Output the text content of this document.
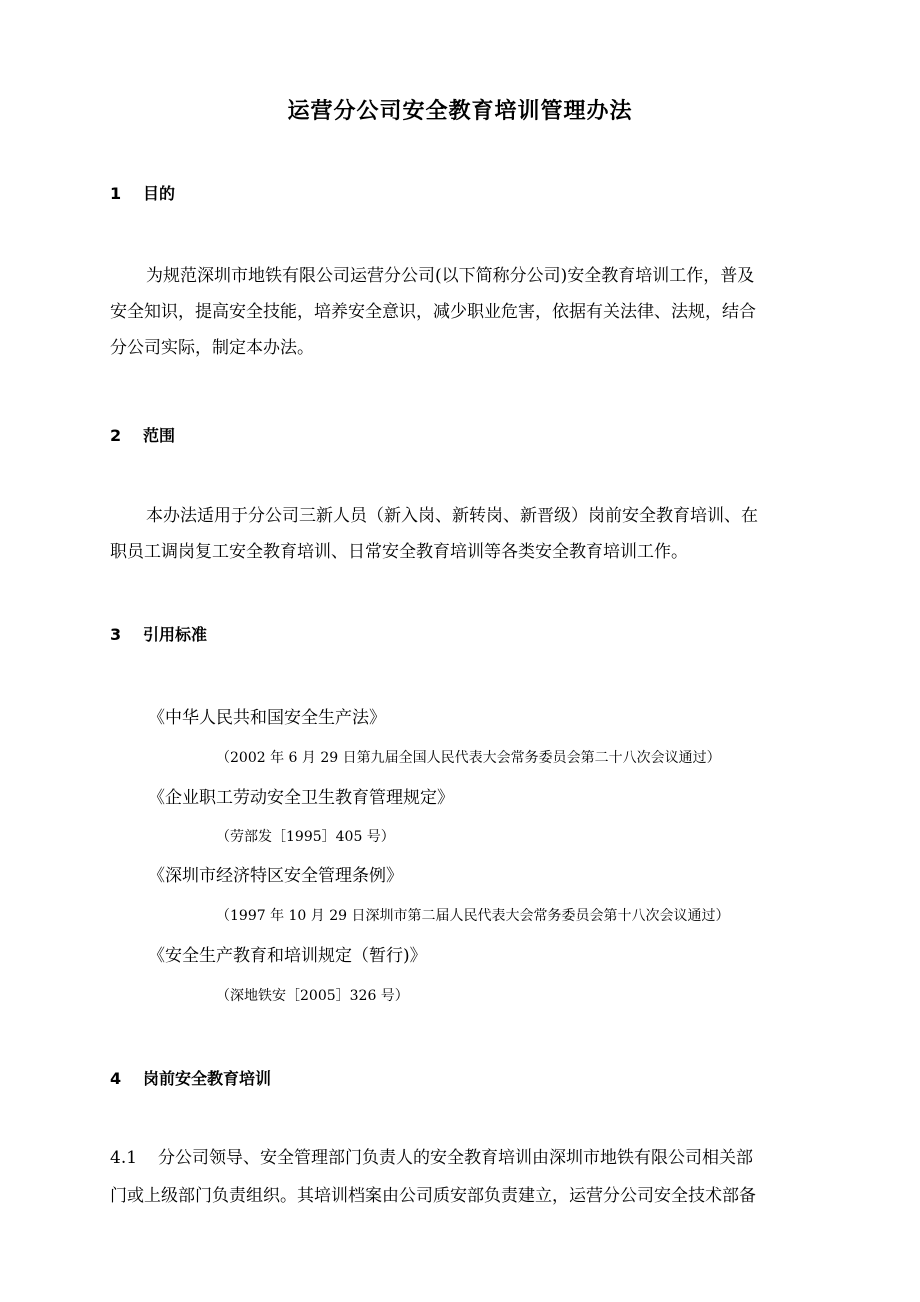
运营分公司安全教育培训管理办法
1 目的
为规范深圳市地铁有限公司运营分公司(以下简称分公司)安全教育培训工作，普及
安全知识，提高安全技能，培养安全意识，减少职业危害，依据有关法律、法规，结合
分公司实际，制定本办法。
2 范围
本办法适用于分公司三新人员（新入岗、新转岗、新晋级）岗前安全教育培训、在
职员工调岗复工安全教育培训、日常安全教育培训等各类安全教育培训工作。
3 引用标准
《中华人民共和国安全生产法》
（2002 年 6 月 29 日第九届全国人民代表大会常务委员会第二十八次会议通过）
《企业职工劳动安全卫生教育管理规定》
（劳部发［1995］405 号）
《深圳市经济特区安全管理条例》
（1997 年 10 月 29 日深圳市第二届人民代表大会常务委员会第十八次会议通过）
《安全生产教育和培训规定（暂行)》
（深地铁安［2005］326 号）
4 岗前安全教育培训
4.1 分公司领导、安全管理部门负责人的安全教育培训由深圳市地铁有限公司相关部
门或上级部门负责组织。其培训档案由公司质安部负责建立，运营分公司安全技术部备
